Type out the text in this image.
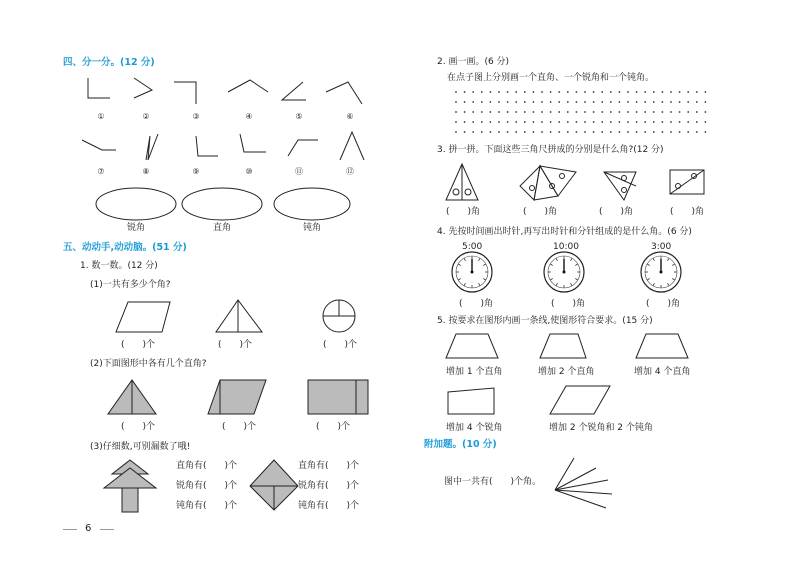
四、分一分。(12 分)
①	②	③	④	⑤	⑥
⑦	⑧	⑨	⑩	⑪	⑫
锐角	直角	钝角
五、动动手,动动脑。(51 分)
1. 数一数。(12 分)
(1)一共有多少个角?
(　　)个	(　　)个	(　　)个
(2)下面图形中各有几个直角?
(　　)个	(　　)个	(　　)个
(3)仔细数,可别漏数了哦!
直角有(　　)个
锐角有(　　)个
钝角有(　　)个
直角有(　　)个
锐角有(　　)个
钝角有(　　)个
6
2. 画一画。(6 分)
在点子图上分别画一个直角、一个锐角和一个钝角。
3. 拼一拼。下面这些三角尺拼成的分别是什么角?(12 分)
(　　)角	(　　)角	(　　)角	(　　)角
4. 先按时间画出时针,再写出时针和分针组成的是什么角。(6 分)
5:00	10:00	3:00
(　　)角	(　　)角	(　　)角
5. 按要求在图形内画一条线,使图形符合要求。(15 分)
增加 1 个直角	增加 2 个直角	增加 4 个直角
增加 4 个锐角	增加 2 个锐角和 2 个钝角
附加题。(10 分)
图中一共有(　　)个角。
